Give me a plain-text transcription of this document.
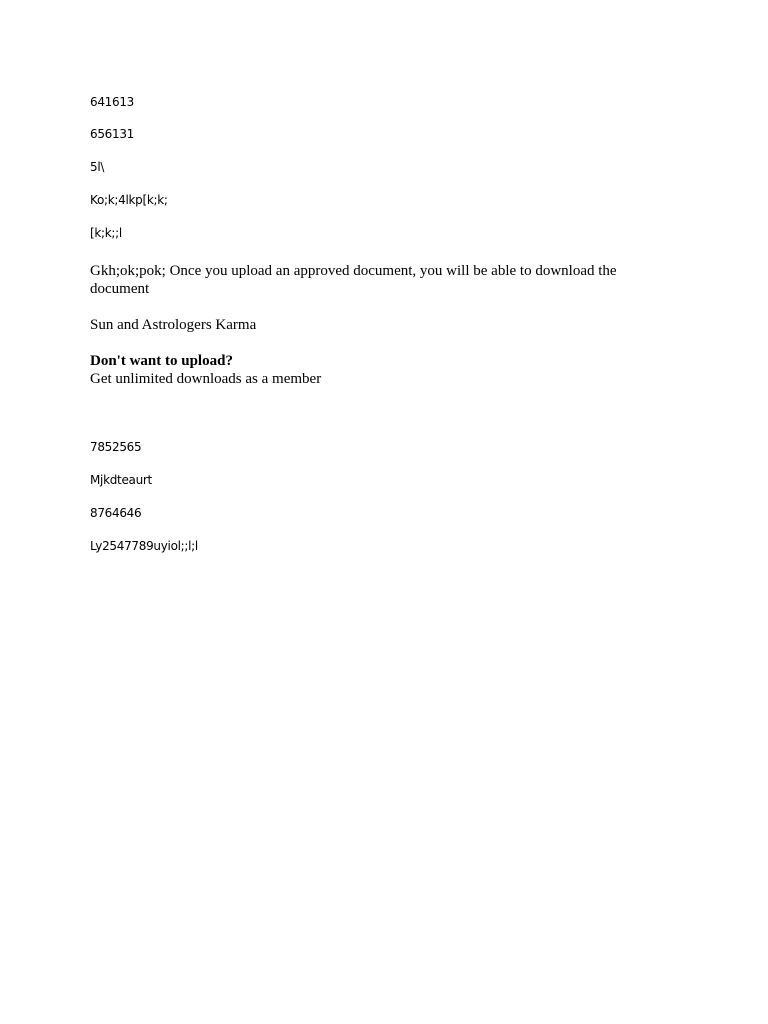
641613
656131
5l\
Ko;k;4lkp[k;k;
[k;k;;l
Gkh;ok;pok; Once you upload an approved document, you will be able to download the document
Sun and Astrologers Karma
Don't want to upload?
Get unlimited downloads as a member
7852565
Mjkdteaurt
8764646
Ly2547789uyiol;;l;l
